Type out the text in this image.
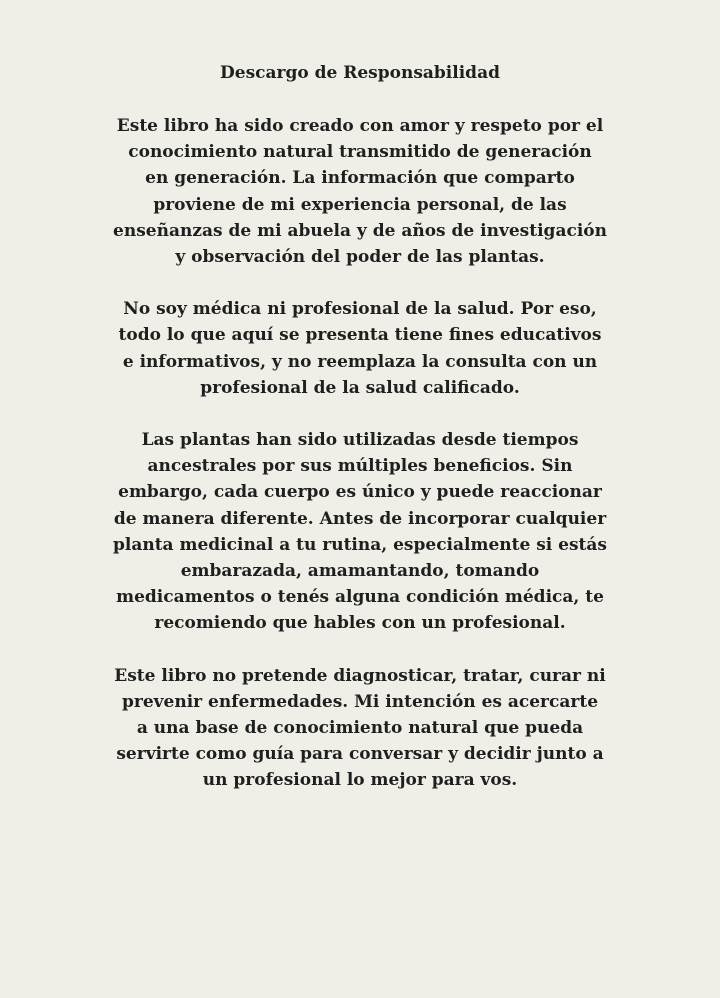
Descargo de Responsabilidad

Este libro ha sido creado con amor y respeto por el
conocimiento natural transmitido de generación
en generación. La información que comparto
proviene de mi experiencia personal, de las
enseñanzas de mi abuela y de años de investigación
y observación del poder de las plantas.

No soy médica ni profesional de la salud. Por eso,
todo lo que aquí se presenta tiene fines educativos
e informativos, y no reemplaza la consulta con un
profesional de la salud calificado.

Las plantas han sido utilizadas desde tiempos
ancestrales por sus múltiples beneficios. Sin
embargo, cada cuerpo es único y puede reaccionar
de manera diferente. Antes de incorporar cualquier
planta medicinal a tu rutina, especialmente si estás
embarazada, amamantando, tomando
medicamentos o tenés alguna condición médica, te
recomiendo que hables con un profesional.

Este libro no pretende diagnosticar, tratar, curar ni
prevenir enfermedades. Mi intención es acercarte
a una base de conocimiento natural que pueda
servirte como guía para conversar y decidir junto a
un profesional lo mejor para vos.
